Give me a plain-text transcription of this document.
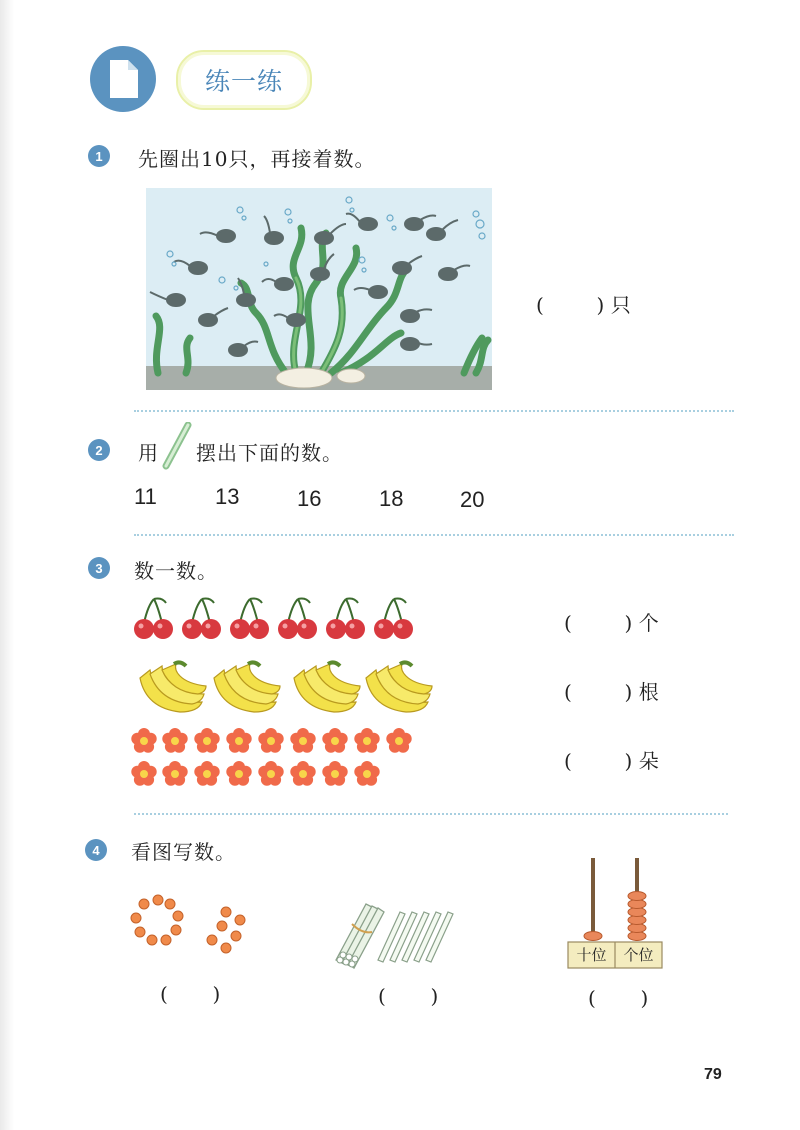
练一练
1	先圈出10只，再接着数。
(	) 只
2	用 摆出下面的数。
11	13	16	18	20
3	数一数。
(	) 个
(	) 根
(	) 朵
4	看图写数。
十位	个位
( )	( )	( )
79
